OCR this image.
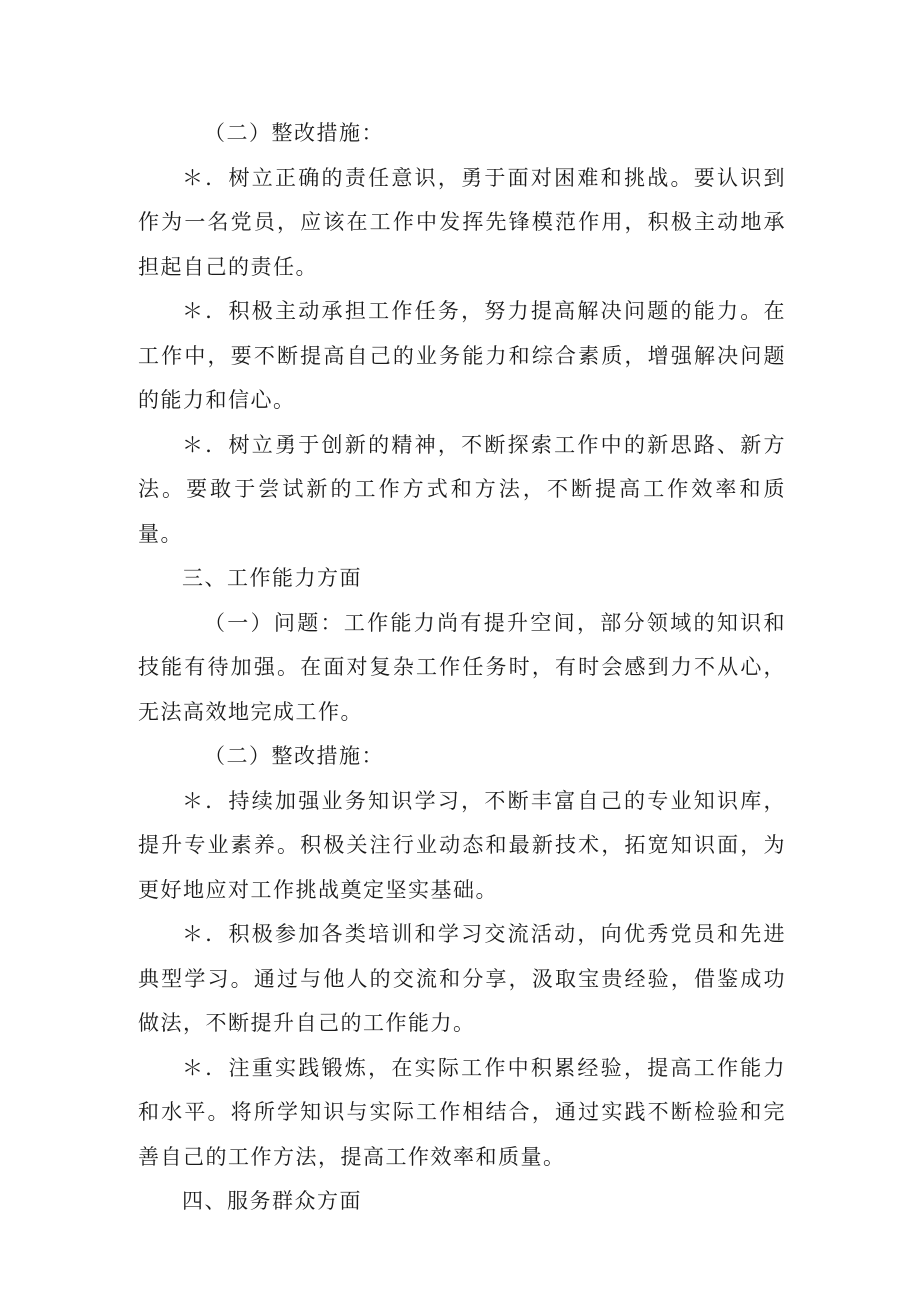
（二）整改措施：

＊．树立正确的责任意识，勇于面对困难和挑战。要认识到作为一名党员，应该在工作中发挥先锋模范作用，积极主动地承担起自己的责任。

＊．积极主动承担工作任务，努力提高解决问题的能力。在工作中，要不断提高自己的业务能力和综合素质，增强解决问题的能力和信心。

＊．树立勇于创新的精神，不断探索工作中的新思路、新方法。要敢于尝试新的工作方式和方法，不断提高工作效率和质量。

三、工作能力方面

（一）问题：工作能力尚有提升空间，部分领域的知识和技能有待加强。在面对复杂工作任务时，有时会感到力不从心，无法高效地完成工作。

（二）整改措施：

＊．持续加强业务知识学习，不断丰富自己的专业知识库，提升专业素养。积极关注行业动态和最新技术，拓宽知识面，为更好地应对工作挑战奠定坚实基础。

＊．积极参加各类培训和学习交流活动，向优秀党员和先进典型学习。通过与他人的交流和分享，汲取宝贵经验，借鉴成功做法，不断提升自己的工作能力。

＊．注重实践锻炼，在实际工作中积累经验，提高工作能力和水平。将所学知识与实际工作相结合，通过实践不断检验和完善自己的工作方法，提高工作效率和质量。

四、服务群众方面
